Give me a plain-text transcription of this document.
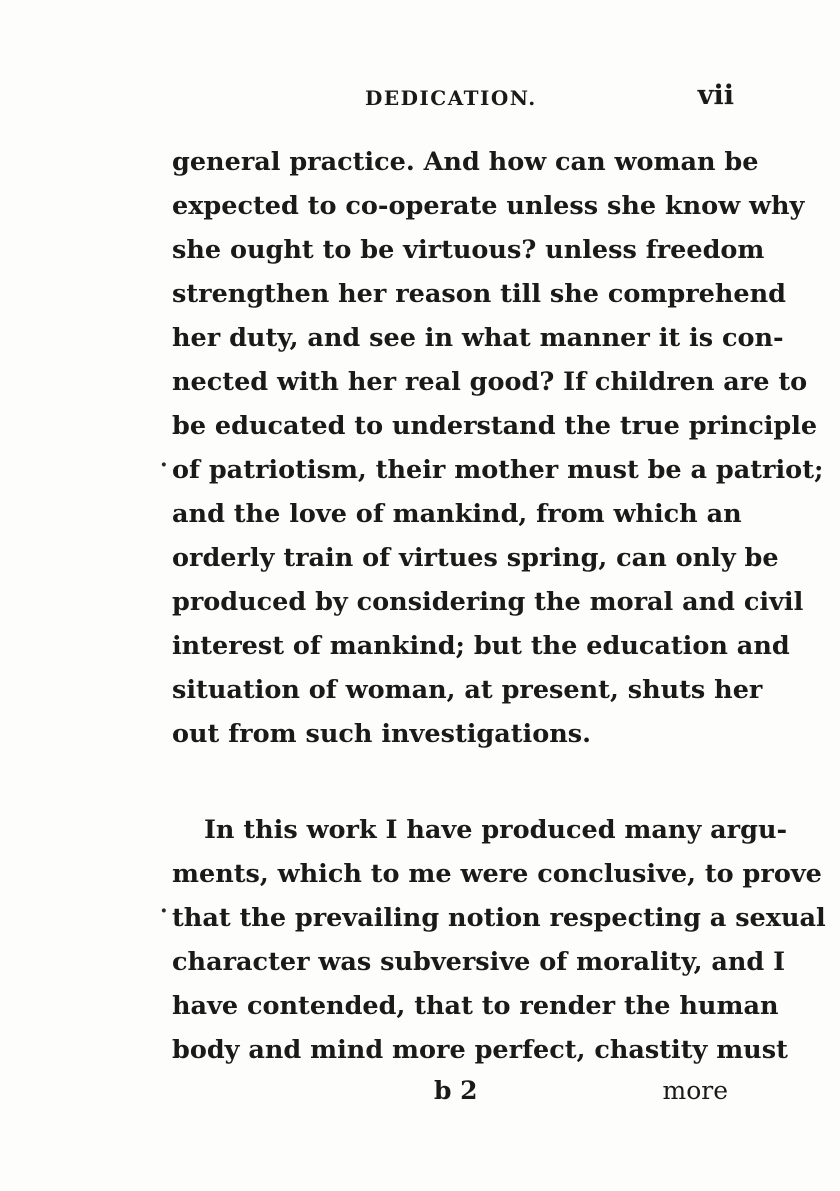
DEDICATION.	vii
general practice. And how can woman be
expected to co-operate unless she know why
she ought to be virtuous? unless freedom
strengthen her reason till she comprehend
her duty, and see in what manner it is con-
nected with her real good? If children are to
be educated to understand the true principle
of patriotism, their mother must be a patriot;
and the love of mankind, from which an
orderly train of virtues spring, can only be
produced by considering the moral and civil
interest of mankind; but the education and
situation of woman, at present, shuts her
out from such investigations.
In this work I have produced many argu-
ments, which to me were conclusive, to prove
that the prevailing notion respecting a sexual
character was subversive of morality, and I
have contended, that to render the human
body and mind more perfect, chastity must
·
·
b 2	more
